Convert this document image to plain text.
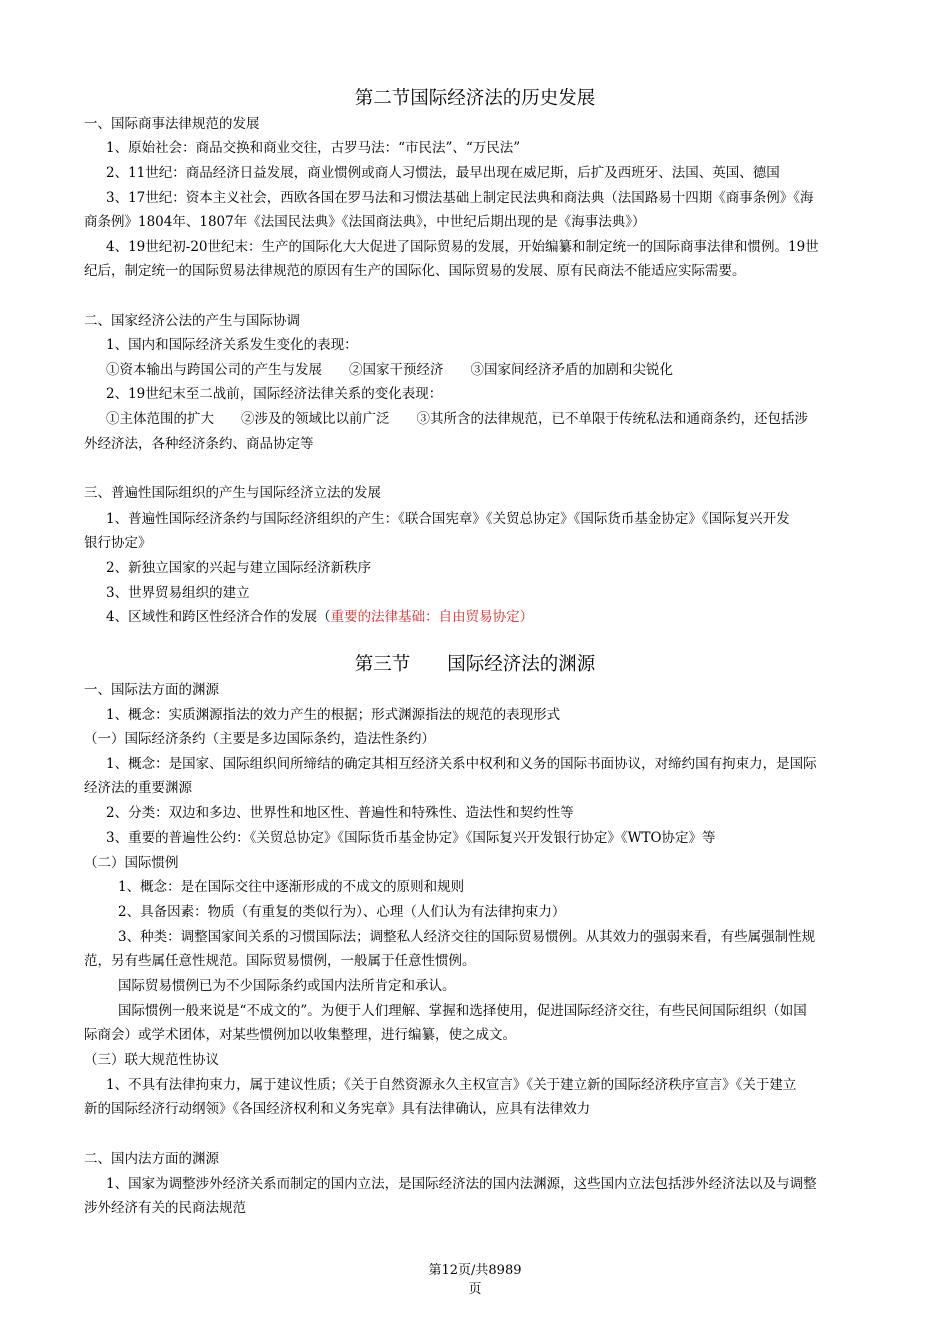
第二节国际经济法的历史发展
一、国际商事法律规范的发展
1、原始社会：商品交换和商业交往，古罗马法：“市民法”、“万民法”
2、11世纪：商品经济日益发展，商业惯例或商人习惯法，最早出现在威尼斯，后扩及西班牙、法国、英国、德国
3、17世纪：资本主义社会，西欧各国在罗马法和习惯法基础上制定民法典和商法典（法国路易十四期《商事条例》《海
商条例》1804年、1807年《法国民法典》《法国商法典》，中世纪后期出现的是《海事法典》）
4、19世纪初-20世纪末：生产的国际化大大促进了国际贸易的发展，开始编纂和制定统一的国际商事法律和惯例。19世
纪后，制定统一的国际贸易法律规范的原因有生产的国际化、国际贸易的发展、原有民商法不能适应实际需要。
二、国家经济公法的产生与国际协调
1、国内和国际经济关系发生变化的表现：
①资本输出与跨国公司的产生与发展　　②国家干预经济　　③国家间经济矛盾的加剧和尖锐化
2、19世纪末至二战前，国际经济法律关系的变化表现：
①主体范围的扩大　　②涉及的领域比以前广泛　　③其所含的法律规范，已不单限于传统私法和通商条约，还包括涉
外经济法，各种经济条约、商品协定等
三、普遍性国际组织的产生与国际经济立法的发展
1、普遍性国际经济条约与国际经济组织的产生：《联合国宪章》《关贸总协定》《国际货币基金协定》《国际复兴开发
银行协定》
2、新独立国家的兴起与建立国际经济新秩序
3、世界贸易组织的建立
4、区域性和跨区性经济合作的发展（重要的法律基础：自由贸易协定）
第三节　　国际经济法的渊源
一、国际法方面的渊源
1、概念：实质渊源指法的效力产生的根据；形式渊源指法的规范的表现形式
（一）国际经济条约（主要是多边国际条约，造法性条约）
1、概念：是国家、国际组织间所缔结的确定其相互经济关系中权利和义务的国际书面协议，对缔约国有拘束力，是国际
经济法的重要渊源
2、分类：双边和多边、世界性和地区性、普遍性和特殊性、造法性和契约性等
3、重要的普遍性公约：《关贸总协定》《国际货币基金协定》《国际复兴开发银行协定》《WTO协定》等
（二）国际惯例
1、概念：是在国际交往中逐渐形成的不成文的原则和规则
2、具备因素：物质（有重复的类似行为）、心理（人们认为有法律拘束力）
3、种类：调整国家间关系的习惯国际法；调整私人经济交往的国际贸易惯例。从其效力的强弱来看，有些属强制性规
范，另有些属任意性规范。国际贸易惯例，一般属于任意性惯例。
国际贸易惯例已为不少国际条约或国内法所肯定和承认。
国际惯例一般来说是“不成文的”。为便于人们理解、掌握和选择使用，促进国际经济交往，有些民间国际组织（如国
际商会）或学术团体，对某些惯例加以收集整理，进行编纂，使之成文。
（三）联大规范性协议
1、不具有法律拘束力，属于建议性质；《关于自然资源永久主权宣言》《关于建立新的国际经济秩序宣言》《关于建立
新的国际经济行动纲领》《各国经济权利和义务宪章》具有法律确认，应具有法律效力
二、国内法方面的渊源
1、国家为调整涉外经济关系而制定的国内立法，是国际经济法的国内法渊源，这些国内立法包括涉外经济法以及与调整
涉外经济有关的民商法规范
第12页/共8989
页
